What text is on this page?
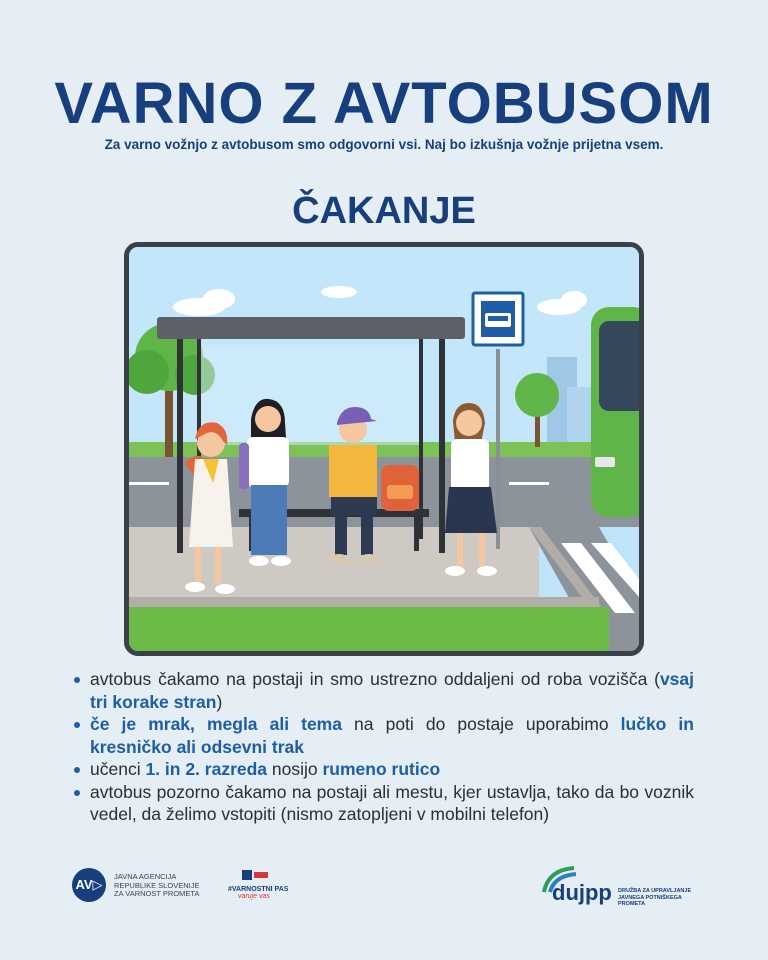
VARNO Z AVTOBUSOM
Za varno vožnjo z avtobusom smo odgovorni vsi. Naj bo izkušnja vožnje prijetna vsem.
ČAKANJE
avtobus čakamo na postaji in smo ustrezno oddaljeni od roba vozišča (vsaj tri korake stran)
če je mrak, megla ali tema na poti do postaje uporabimo lučko in kresničko ali odsevni trak
učenci 1. in 2. razreda nosijo rumeno rutico
avtobus pozorno čakamo na postaji ali mestu, kjer ustavlja, tako da bo voznik vedel, da želimo vstopiti (nismo zatopljeni v mobilni telefon)
AV▷
JAVNA AGENCIJA
REPUBLIKE SLOVENIJE
ZA VARNOST PROMETA	#VARNOSTNI PAS
varuje vas	dujpp DRUŽBA ZA UPRAVLJANJE
JAVNEGA POTNIŠKEGA PROMETA
